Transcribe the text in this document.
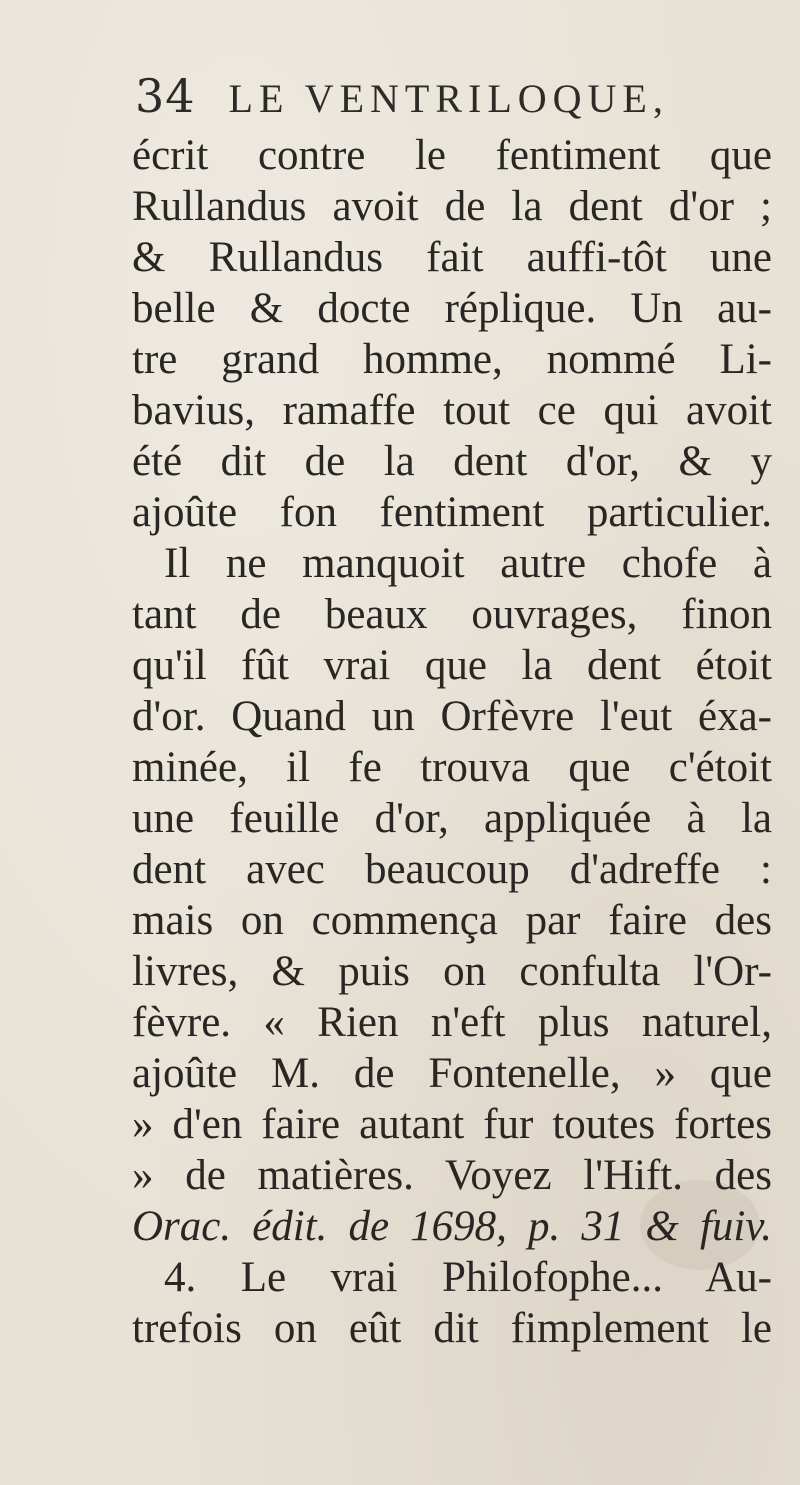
34 LE VENTRILOQUE,
écrit contre le fentiment que
Rullandus avoit de la dent d'or ;
& Rullandus fait auffi-tôt une
belle & docte réplique. Un au-
tre grand homme, nommé Li-
bavius, ramaffe tout ce qui avoit
été dit de la dent d'or, & y
ajoûte fon fentiment particulier.
Il ne manquoit autre chofe à
tant de beaux ouvrages, finon
qu'il fût vrai que la dent étoit
d'or. Quand un Orfèvre l'eut éxa-
minée, il fe trouva que c'étoit
une feuille d'or, appliquée à la
dent avec beaucoup d'adreffe :
mais on commença par faire des
livres, & puis on confulta l'Or-
fèvre. « Rien n'eft plus naturel,
ajoûte M. de Fontenelle, » que
» d'en faire autant fur toutes fortes
» de matières. Voyez l'Hift. des
Orac. édit. de 1698, p. 31 & fuiv.
4. Le vrai Philofophe... Au-
trefois on eût dit fimplement le
